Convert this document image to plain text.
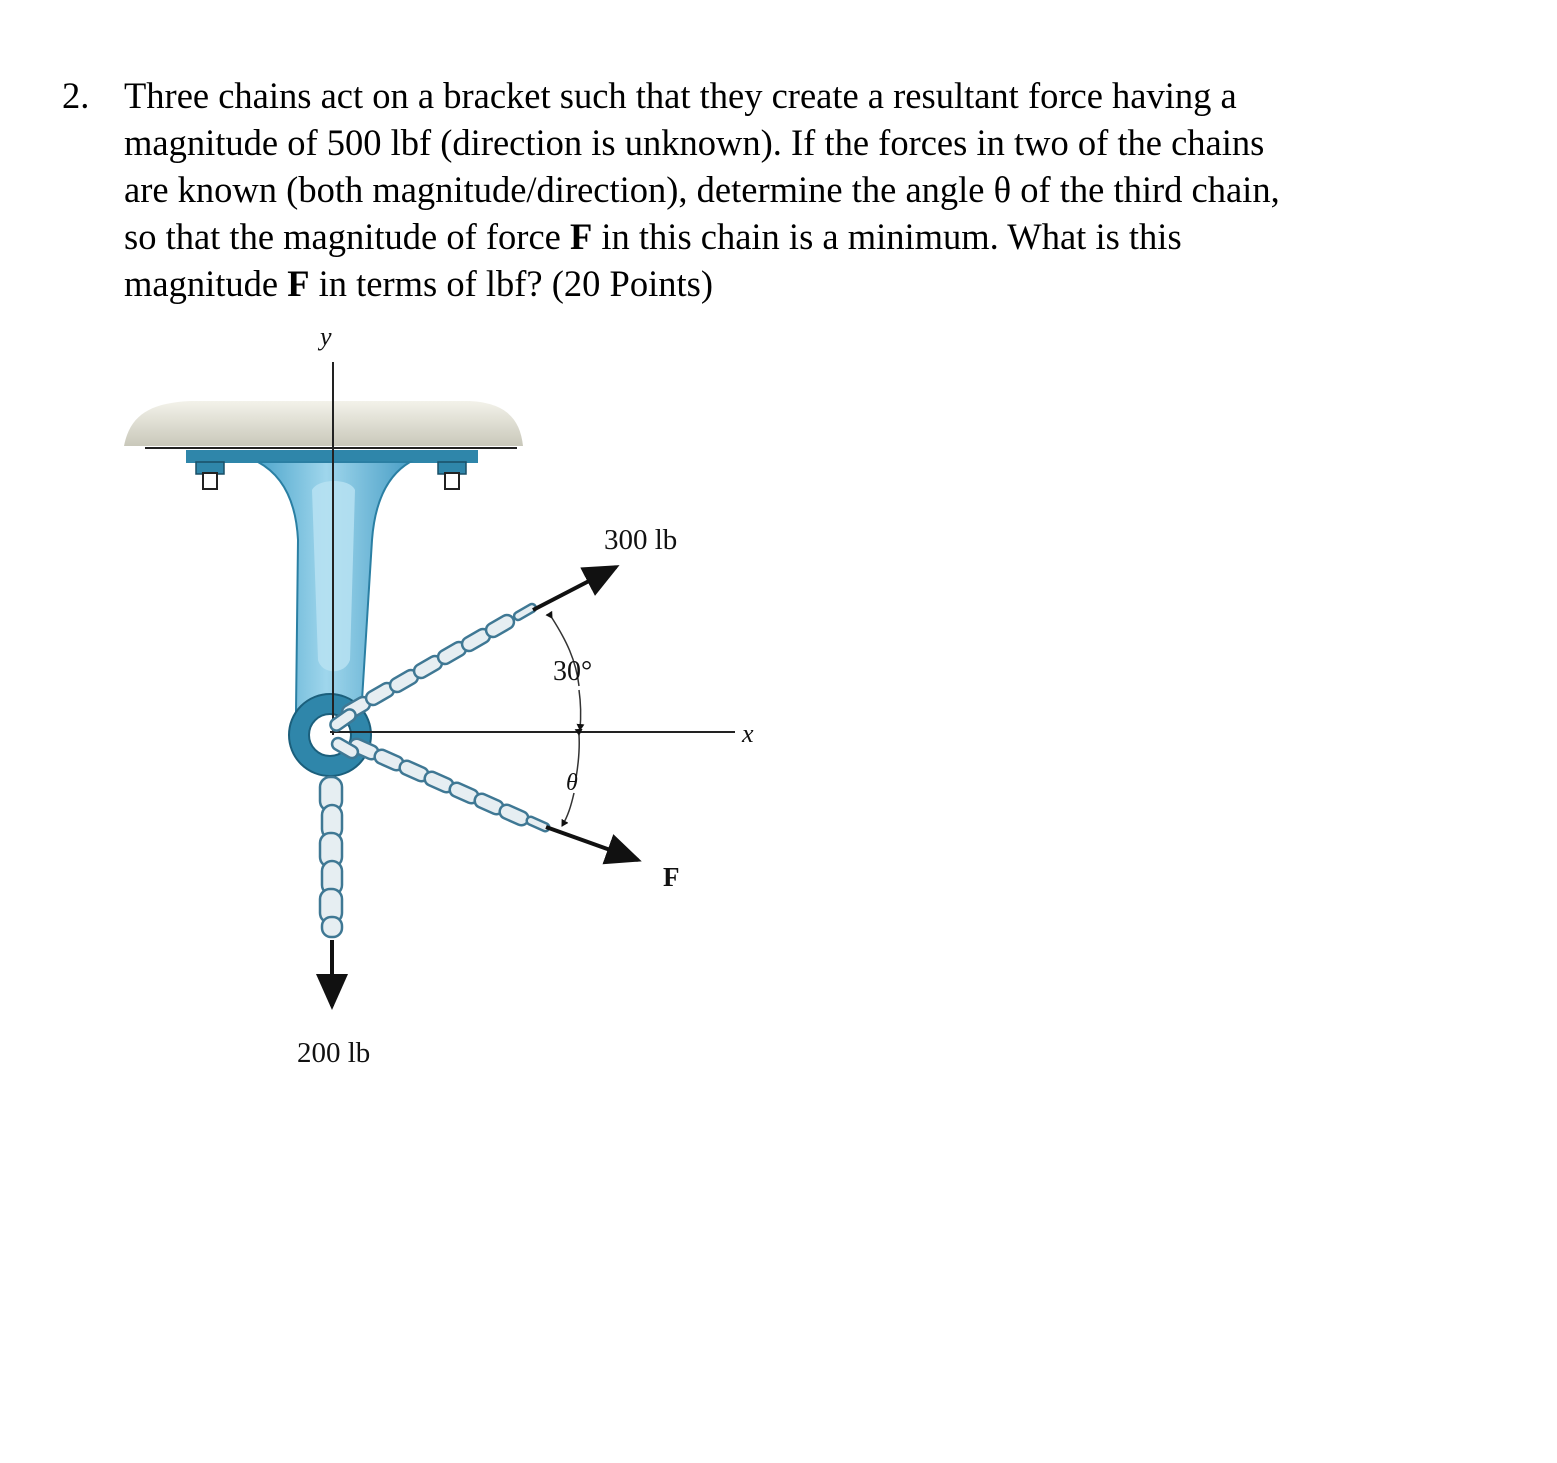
2. Three chains act on a bracket such that they create a resultant force having a
magnitude of 500 lbf (direction is unknown). If the forces in two of the chains
are known (both magnitude/direction), determine the angle θ of the third chain,
so that the magnitude of force F in this chain is a minimum. What is this
magnitude F in terms of lbf? (20 Points)
y
x
300 lb
30°
θ
F
200 lb
